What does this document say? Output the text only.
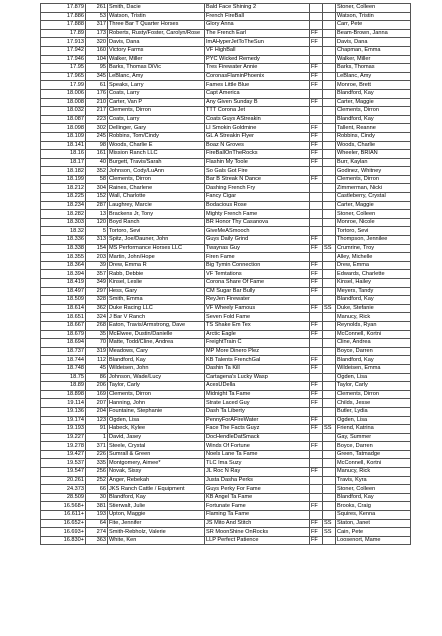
17.879	261	Smith, Dacie	Bald Face Shining 2			Stoner, Colleen
17.886	53	Watson, Tristin	French FireBall			Watson, Tristin
17.888	317	Three Bar T Quarter Horses	Glory Anna			Carr, Pete
17.89	173	Roberts, Rusty/Foster, Carolyn/Rose	The French Earl	FF		Beam-Brown, Janna
17.913	320	Davis, Dana	ImAHyperJetToTheSun	FF		Davis, Dana
17.942	160	Victory Farms	VF HighBall			Chapman, Emma
17.946	104	Walker, Miller	PYC Wicked Remedy			Walker, Miller
17.95	95	Barks, Thomas DiVic	Tres Firewater Annie	FF		Barks, Thomas
17.965	345	LeBlanc, Amy	CoronasFlaminPhoenix	FF		LeBlanc, Amy
17.99	61	Speaks, Larry	Fames Little Blue	FF		Monroe, Brett
18.006	176	Coats, Larry	Capt America			Blandford, Kay
18.008	210	Carter, Van P	Any Given Sunday B	FF		Carter, Maggie
18.032	217	Clements, Dirron	TTT Corona Jet			Clements, Dirron
18.087	223	Coats, Larry	Coats Guys AStreakin			Blandford, Kay
18.098	302	Dellinger, Gary	LI Smokin Goldmine	FF		Tallent, Reanne
18.109	245	Robbins, Tom/Cindy	GL A Streakin Flyer	FF		Robbins, Cindy
18.141	98	Woods, Charlie E	Boaz N Groves	FF		Woods, Charlie
18.16	161	Mission Ranch LLC	FireBallOnTheRocks	FF		Wheeler, BRIAN
18.17	40	Burgett, Travis/Sarah	Flashin My Toole	FF		Burr, Kaylan
18.182	352	Johnson, Cody/LuAnn	So Gals Got Fire			Godinez, Whitney
18.199	58	Clements, Dirron	Bar B Streak N Dance	FF		Clements, Dirron
18.212	304	Raines, Charlene	Dashing French Fry			Zimmerman, Nicki
18.225	152	Wall, Charlotte	Fancy Cigar			Castleberry, Crystal
18.234	287	Laughrey, Marcie	Bodacious Rose			Carter, Maggie
18.282	13	Brackens Jr, Tony	Mighty French Fame			Stoner, Colleen
18.303	120	Boyd Ranch	BR Honor Thy Casanova			Monroe, Nicole
18.32	5	Tortoro, Sevi	GiveMeASmooch			Tortoro, Sevi
18.336	313	Spitz, Joe/Dauner, John	Guys Daily Grind	FF		Thompson, Jennilee
18.338	154	MS Performance Horses LLC	Twaynas Guy	FF	SS	Crumrine, Troy
18.355	203	Martin, John/Hope	Firen Fame			Alley, Michelle
18.364	39	Drew, Emma R	Big Tymin Connection	FF		Drew, Emma
18.394	357	Rabb, Debbie	VF Temtations	FF		Edwards, Charlette
18.419	349	Kinsel, Leslie	Corona Share Of Fame	FF		Kinsel, Hailey
18.497	297	Hess, Gary	CM Sugar Bar Bully	FF		Meyers, Tandy
18.509	328	Smith, Emma	ReyJen Firewater			Blandford, Kay
18.614	362	Duke Racing LLC	VF Wheely Famous	FF	SS	Duke, Stefanie
18.651	324	J Bar V Ranch	Seven Fold Fame			Manucy, Rick
18.667	268	Eaton, Travis/Armstrong, Dave	TS Shake Em Tex	FF		Reynolds, Ryan
18.679	35	McElwee, Dustin/Danielle	Arctic Eagle	FF		McConnell, Kortni
18.694	70	Matte, Todd/Cline, Andrea	FreightTrain C			Cline, Andrea
18.737	319	Meadows, Cary	MP More Dinero Plez			Boyce, Darren
18.744	112	Blandford, Kay	KB Talents FrenchGal	FF		Blandford, Kay
18.748	45	Wildeisen, John	Dashin Ta Kill	FF		Wildeisen, Emma
18.75	86	Johnson, Wade/Lucy	Cartagena's Lucky Wasp			Ogden, Lisa
18.89	206	Taylor, Carly	AcesUDella	FF		Taylor, Carly
18.898	169	Clements, Dirron	Midnight Ta Fame	FF		Clements, Dirron
19.114	207	Hanning, John	Strate Laced Guy	FF		Childs, Jesse
19.136	204	Fountaine, Stephanie	Dash Ta Liberty			Butler, Lydia
19.174	123	Ogden, Lisa	PennyForAFireWater	FF		Ogden, Lisa
19.193	91	Habeck, Kylee	Face The Facts Guyz	FF	SS	Friend, Katrina
19.227	1	David, Jasey	DocHendleDatSmack			Gay, Summer
19.278	371	Steele, Crystal	Winds Of Fortune	FF		Boyce, Darren
19.427	226	Sumrall & Green	Noels Lane Ta Fame			Green, Tatmadge
19.537	335	Montgomery, Aimee*	TLC Ima Suzy			McConnell, Kortni
19.547	256	Novak, Sissy	JL Roc N Ray	FF		Manucy, Rick
20.261	252	Anger, Rebekah	Justa Dasha Perks			Travis, Kyra
24.373	66	JKS Ranch Cattle / Equipment	Guys Perky For Fame			Stoner, Colleen
28.509	30	Blandford, Kay	KB Angel Ta Fame			Blandford, Kay
16.568+	381	Stierwalt, Julie	Fortunate Fame	FF		Brooks, Craig
16.611+	193	Upton, Maggie	Flaming Ta Fame			Squires, Kenna
16.652+	64	Fite, Jennifer	JS Mito And Stitch	FF	SS	Staton, Janet
16.693+	274	Smith-Rebholz, Valerie	SR MoonShine OnRocks	FF	SS	Cain, Pete
16.830+	363	White, Ken	LLP Perfect Patience	FF		Loosenort, Mame
